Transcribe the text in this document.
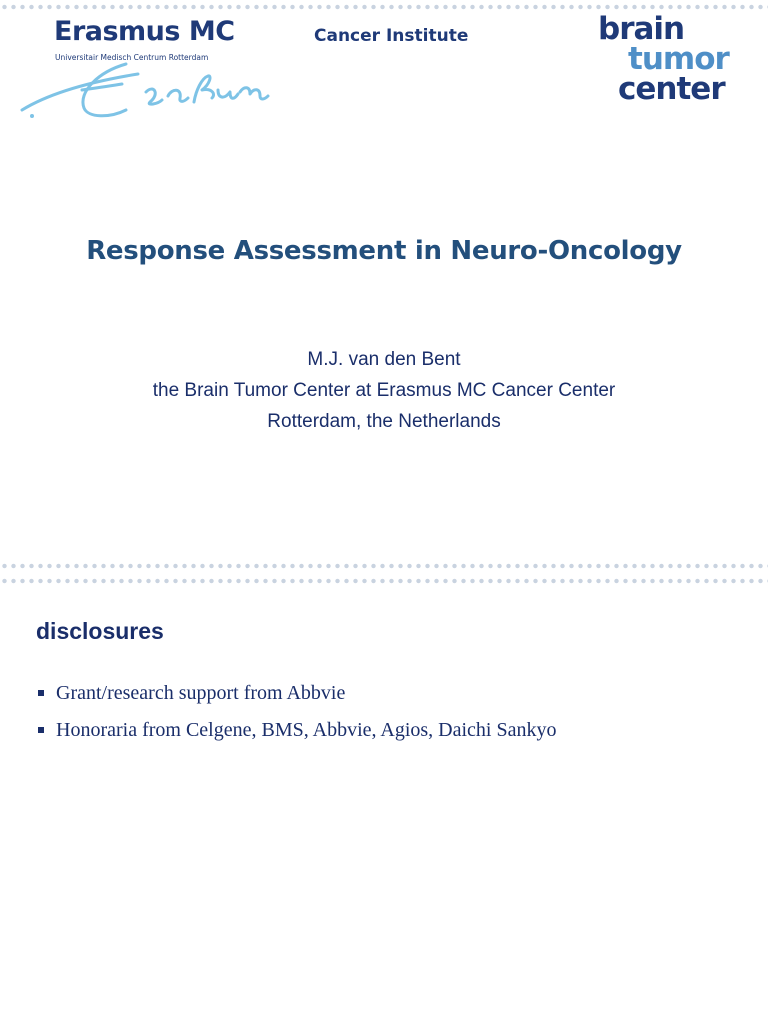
Erasmus MC
Universitair Medisch Centrum Rotterdam
Cancer Institute	brain
tumor
center
Response Assessment in Neuro-Oncology
M.J. van den Bent
the Brain Tumor Center at Erasmus MC Cancer Center
Rotterdam, the Netherlands
disclosures
Grant/research support from Abbvie
Honoraria from Celgene, BMS, Abbvie, Agios, Daichi Sankyo
